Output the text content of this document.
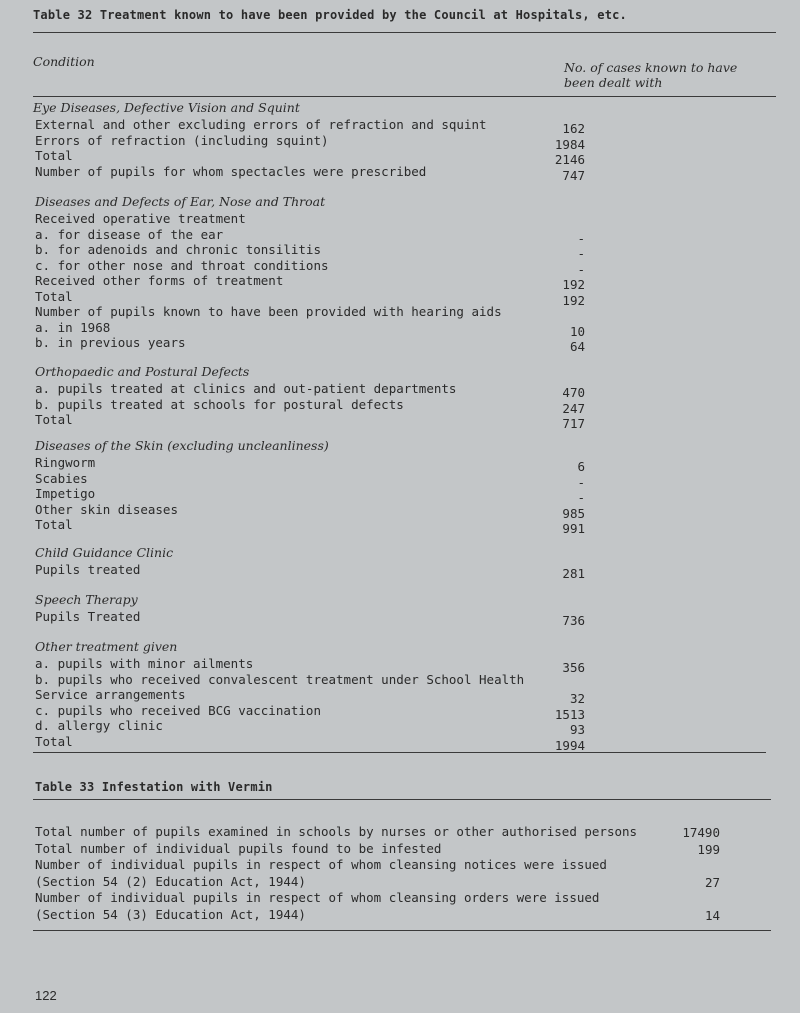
Table 32 Treatment known to have been provided by the Council at Hospitals, etc.
Condition	No. of cases known to have
been dealt with
Eye Diseases, Defective Vision and Squint
External and other excluding errors of refraction and squint	162
Errors of refraction (including squint)	1984
Total	2146
Number of pupils for whom spectacles were prescribed	747
Diseases and Defects of Ear, Nose and Throat
Received operative treatment
a. for disease of the ear	-
b. for adenoids and chronic tonsilitis	-
c. for other nose and throat conditions	-
Received other forms of treatment	192
Total	192
Number of pupils known to have been provided with hearing aids
a. in 1968	10
b. in previous years	64
Orthopaedic and Postural Defects
a. pupils treated at clinics and out-patient departments	470
b. pupils treated at schools for postural defects	247
Total	717
Diseases of the Skin (excluding uncleanliness)
Ringworm	6
Scabies	-
Impetigo	-
Other skin diseases	985
Total	991
Child Guidance Clinic
Pupils treated	281
Speech Therapy
Pupils Treated	736
Other treatment given
a. pupils with minor ailments	356
b. pupils who received convalescent treatment under School Health
Service arrangements	32
c. pupils who received BCG vaccination	1513
d. allergy clinic	93
Total	1994
Table 33 Infestation with Vermin
Total number of pupils examined in schools by nurses or other authorised persons	17490
Total number of individual pupils found to be infested	199
Number of individual pupils in respect of whom cleansing notices were issued
(Section 54 (2) Education Act, 1944)	27
Number of individual pupils in respect of whom cleansing orders were issued
(Section 54 (3) Education Act, 1944)	14
122
